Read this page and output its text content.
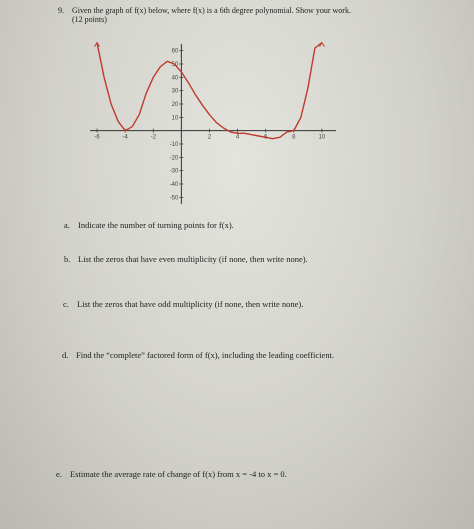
9. Given the graph of f(x) below, where f(x) is a 6th degree polynomial. Show your work.
(12 points)
-6	-4	-2	2	4	6	8	10
60
50
40
30
20
10
-10
-20
-30
-40
-50
a. Indicate the number of turning points for f(x).
b. List the zeros that have even multiplicity (if none, then write none).
c. List the zeros that have odd multiplicity (if none, then write none).
d. Find the “complete” factored form of f(x), including the leading coefficient.
e. Estimate the average rate of change of f(x) from x = -4 to x = 0.
